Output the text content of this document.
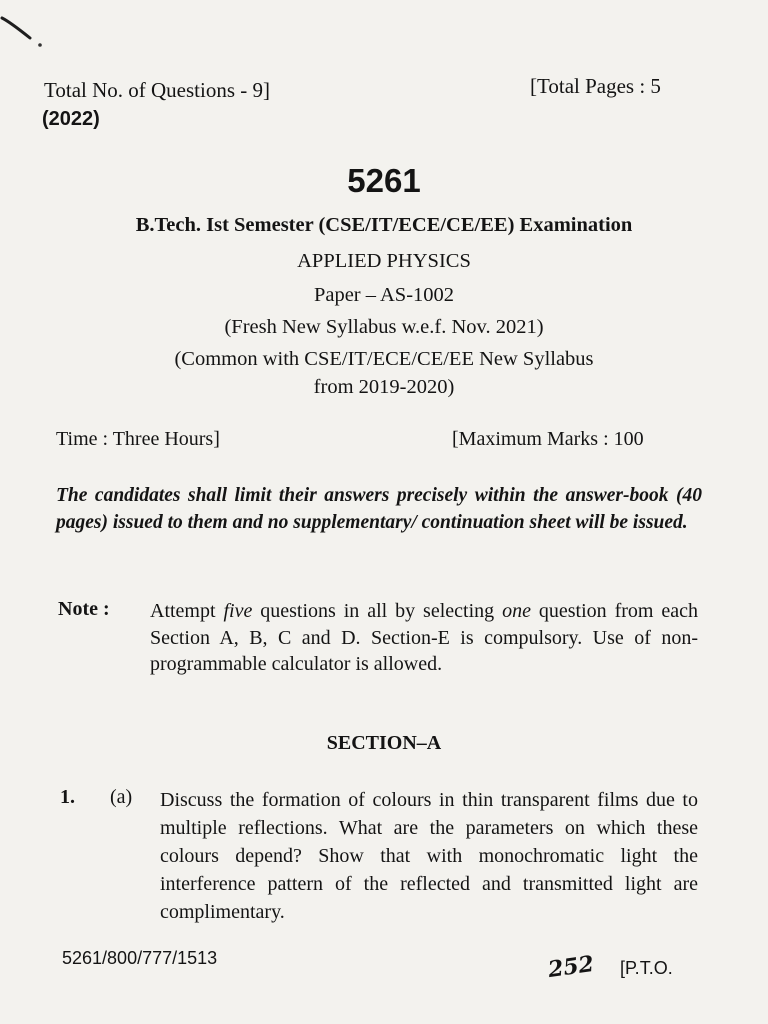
Total No. of Questions - 9]
(2022)
[Total Pages : 5
5261
B.Tech. Ist Semester (CSE/IT/ECE/CE/EE) Examination
APPLIED PHYSICS
Paper – AS-1002
(Fresh New Syllabus w.e.f. Nov. 2021)
(Common with CSE/IT/ECE/CE/EE New Syllabus
from 2019-2020)
Time : Three Hours]	[Maximum Marks : 100
The candidates shall limit their answers precisely within the answer-book (40 pages) issued to them and no supplementary/ continuation sheet will be issued.
Note : Attempt five questions in all by selecting one question from each Section A, B, C and D. Section-E is compulsory. Use of non-programmable calculator is allowed.
SECTION–A
1. (a) Discuss the formation of colours in thin transparent films due to multiple reflections. What are the parameters on which these colours depend? Show that with monochromatic light the interference pattern of the reflected and transmitted light are complimentary.
5261/800/777/1513	252 [P.T.O.
